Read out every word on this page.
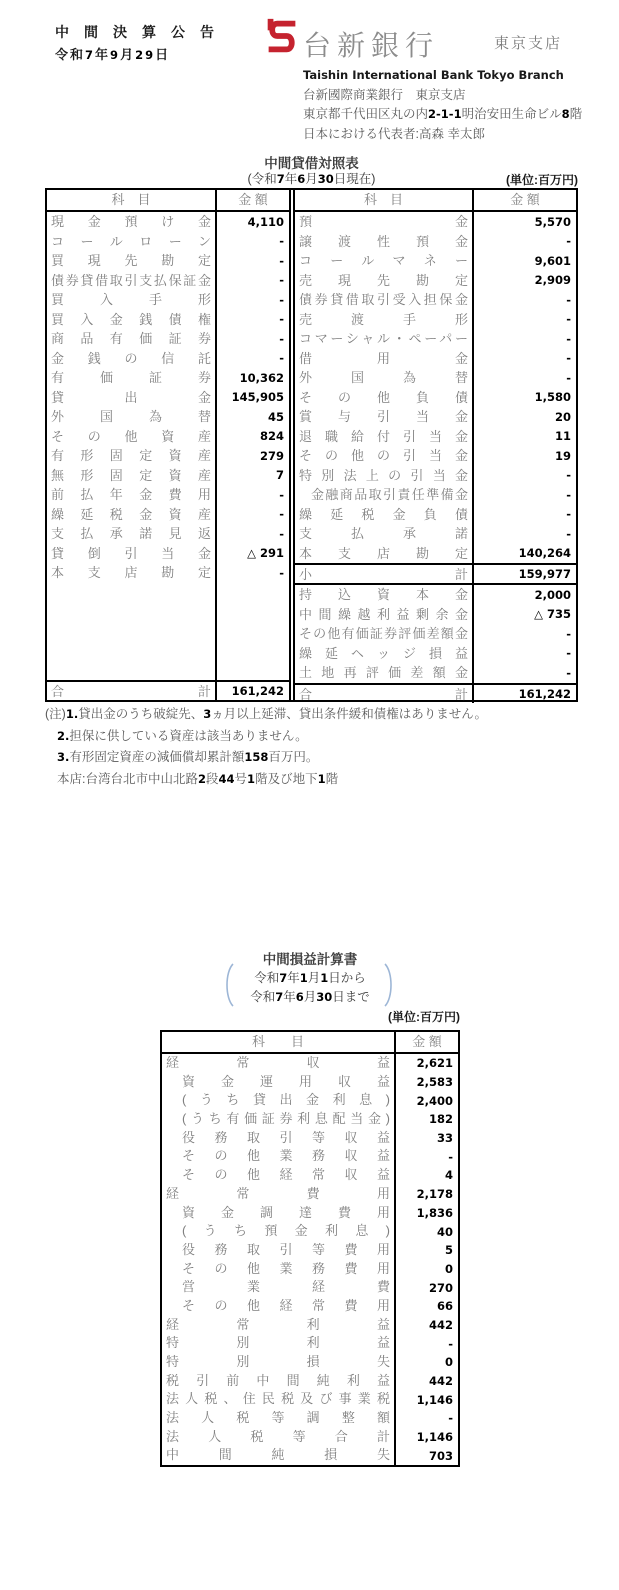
中間決算公告
令和7年9月29日	台新銀行	東京支店
Taishin International Bank Tokyo Branch
台新國際商業銀行　東京支店
東京都千代田区丸の内2-1-1明治安田生命ビル8階
日本における代表者:高森 幸太郎
中間貸借対照表
(令和7年6月30日現在)	(単位:百万円)
科　目	金 額
現金預け金	4,110
コールローン	-
買現先勘定	-
債券貸借取引支払保証金	-
買入手形	-
買入金銭債権	-
商品有価証券	-
金銭の信託	-
有価証券	10,362
貸出金	145,905
外国為替	45
その他資産	824
有形固定資産	279
無形固定資産	7
前払年金費用	-
繰延税金資産	-
支払承諾見返	-
貸倒引当金	△ 291
本支店勘定	-
合計	161,242
科　目	金 額
預金	5,570
譲渡性預金	-
コールマネー	9,601
売現先勘定	2,909
債券貸借取引受入担保金	-
売渡手形	-
コマーシャル・ペーパー	-
借用金	-
外国為替	-
その他負債	1,580
賞与引当金	20
退職給付引当金	11
その他の引当金	19
特別法上の引当金	-
金融商品取引責任準備金	-
繰延税金負債	-
支払承諾	-
本支店勘定	140,264
小計	159,977
持込資本金	2,000
中間繰越利益剰余金	△ 735
その他有価証券評価差額金	-
繰延ヘッジ損益	-
土地再評価差額金	-
合計	161,242
(注)1.貸出金のうち破綻先、3ヵ月以上延滞、貸出条件緩和債権はありません。
2.担保に供している資産は該当ありません。
3.有形固定資産の減価償却累計額158百万円。
本店:台湾台北市中山北路2段44号1階及び地下1階
中間損益計算書
令和7年1月1日から
令和7年6月30日まで
(単位:百万円)
科　　目	金 額
経常収益	2,621
資金運用収益	2,583
(うち貸出金利息)	2,400
(うち有価証券利息配当金)	182
役務取引等収益	33
その他業務収益	-
その他経常収益	4
経常費用	2,178
資金調達費用	1,836
(うち預金利息)	40
役務取引等費用	5
その他業務費用	0
営業経費	270
その他経常費用	66
経常利益	442
特別利益	-
特別損失	0
税引前中間純利益	442
法人税、住民税及び事業税	1,146
法人税等調整額	-
法人税等合計	1,146
中間純損失	703
